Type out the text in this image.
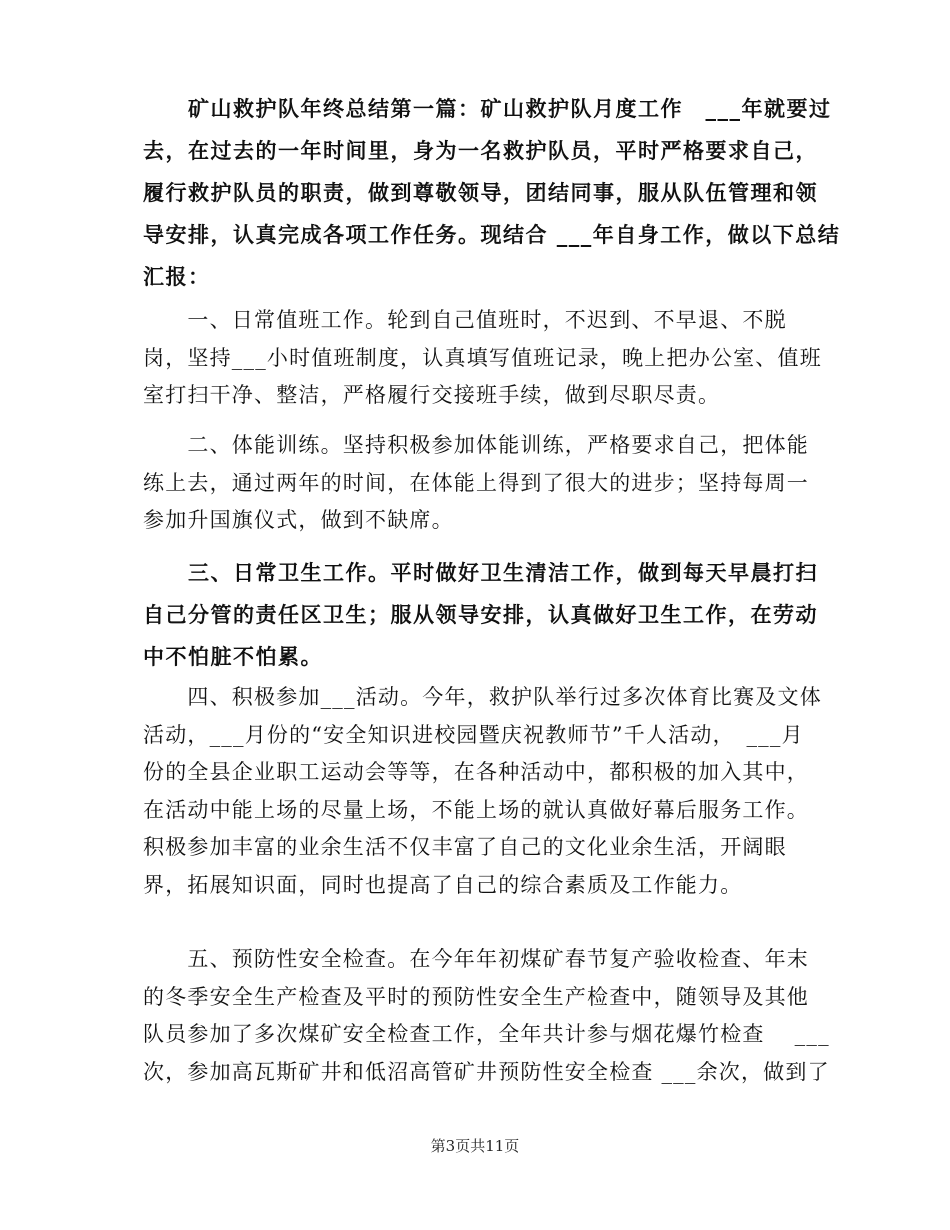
　　矿山救护队年终总结第一篇：矿山救护队月度工作　___年就要过
去，在过去的一年时间里，身为一名救护队员，平时严格要求自己，
履行救护队员的职责，做到尊敬领导，团结同事，服从队伍管理和领
导安排，认真完成各项工作任务。现结合 ___年自身工作，做以下总结
汇报：

　　一、日常值班工作。轮到自己值班时，不迟到、不早退、不脱
岗，坚持___小时值班制度，认真填写值班记录，晚上把办公室、值班
室打扫干净、整洁，严格履行交接班手续，做到尽职尽责。

　　二、体能训练。坚持积极参加体能训练，严格要求自己，把体能
练上去，通过两年的时间，在体能上得到了很大的进步；坚持每周一
参加升国旗仪式，做到不缺席。

　　三、日常卫生工作。平时做好卫生清洁工作，做到每天早晨打扫
自己分管的责任区卫生；服从领导安排，认真做好卫生工作，在劳动
中不怕脏不怕累。

　　四、积极参加___活动。今年，救护队举行过多次体育比赛及文体
活动，___月份的“安全知识进校园暨庆祝教师节”千人活动，　___月
份的全县企业职工运动会等等，在各种活动中，都积极的加入其中，
在活动中能上场的尽量上场，不能上场的就认真做好幕后服务工作。
积极参加丰富的业余生活不仅丰富了自己的文化业余生活，开阔眼
界，拓展知识面，同时也提高了自己的综合素质及工作能力。

　　五、预防性安全检查。在今年年初煤矿春节复产验收检查、年末
的冬季安全生产检查及平时的预防性安全生产检查中，随领导及其他
队员参加了多次煤矿安全检查工作，全年共计参与烟花爆竹检查　 ___
次，参加高瓦斯矿井和低沼高管矿井预防性安全检查 ___余次，做到了

第3页共11页
